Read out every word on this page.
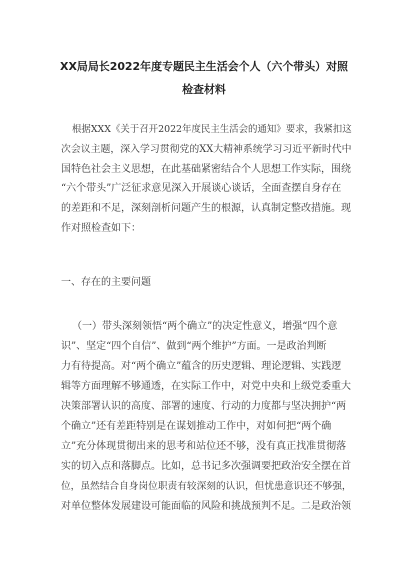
XX局局长2022年度专题民主生活会个人（六个带头）对照
检查材料
根据XXX《关于召开2022年度民主生活会的通知》要求，我紧扣这
次会议主题，深入学习贯彻党的XX大精神系统学习习近平新时代中
国特色社会主义思想，在此基础紧密结合个人思想工作实际，围绕
“六个带头”广泛征求意见深入开展谈心谈话，全面查摆自身存在
的差距和不足，深刻剖析问题产生的根源，认真制定整改措施。现
作对照检查如下：
一、存在的主要问题
（一）带头深刻领悟“两个确立”的决定性意义，增强“四个意
识”、坚定“四个自信”、做到“两个维护”方面。一是政治判断
力有待提高。对“两个确立”蕴含的历史逻辑、理论逻辑、实践逻
辑等方面理解不够通透，在实际工作中，对党中央和上级党委重大
决策部署认识的高度、部署的速度、行动的力度都与坚决拥护“两
个确立”还有差距特别是在谋划推动工作中，对如何把“两个确
立”充分体现贯彻出来的思考和站位还不够，没有真正找准贯彻落
实的切入点和落脚点。比如，总书记多次强调要把政治安全摆在首
位，虽然结合自身岗位职责有较深刻的认识，但忧患意识还不够强，
对单位整体发展建设可能面临的风险和挑战预判不足。二是政治领
